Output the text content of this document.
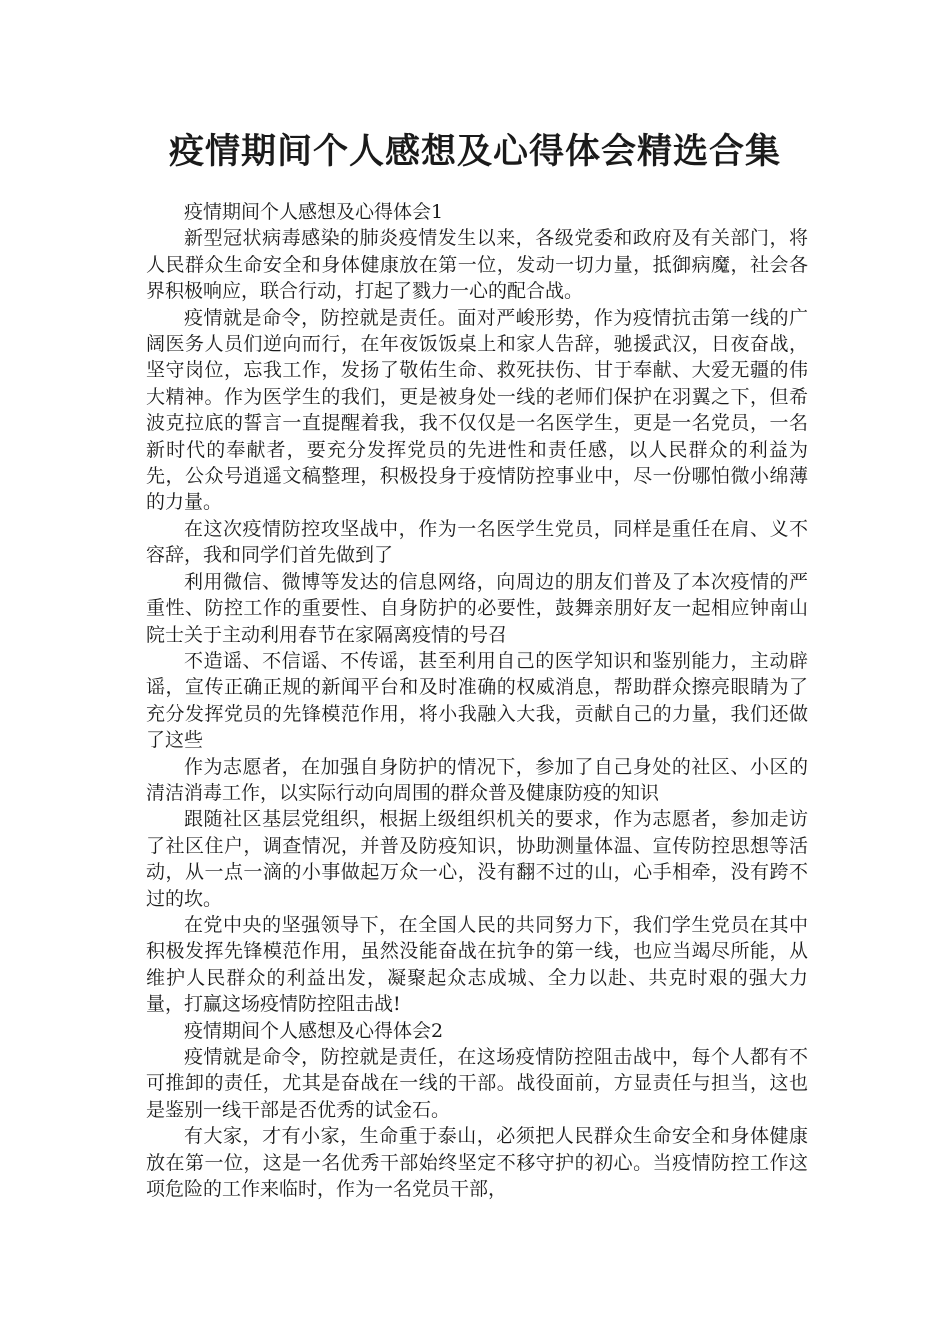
疫情期间个人感想及心得体会精选合集

疫情期间个人感想及心得体会1

新型冠状病毒感染的肺炎疫情发生以来，各级党委和政府及有关部门，将人民群众生命安全和身体健康放在第一位，发动一切力量，抵御病魔，社会各界积极响应，联合行动，打起了戮力一心的配合战。

疫情就是命令，防控就是责任。面对严峻形势，作为疫情抗击第一线的广阔医务人员们逆向而行，在年夜饭饭桌上和家人告辞，驰援武汉，日夜奋战，坚守岗位，忘我工作，发扬了敬佑生命、救死扶伤、甘于奉献、大爱无疆的伟大精神。作为医学生的我们，更是被身处一线的老师们保护在羽翼之下，但希波克拉底的誓言一直提醒着我，我不仅仅是一名医学生，更是一名党员，一名新时代的奉献者，要充分发挥党员的先进性和责任感，以人民群众的利益为先，公众号逍遥文稿整理，积极投身于疫情防控事业中，尽一份哪怕微小绵薄的力量。

在这次疫情防控攻坚战中，作为一名医学生党员，同样是重任在肩、义不容辞，我和同学们首先做到了

利用微信、微博等发达的信息网络，向周边的朋友们普及了本次疫情的严重性、防控工作的重要性、自身防护的必要性，鼓舞亲朋好友一起相应钟南山院士关于主动利用春节在家隔离疫情的号召

不造谣、不信谣、不传谣，甚至利用自己的医学知识和鉴别能力，主动辟谣，宣传正确正规的新闻平台和及时准确的权威消息，帮助群众擦亮眼睛为了充分发挥党员的先锋模范作用，将小我融入大我，贡献自己的力量，我们还做了这些

作为志愿者，在加强自身防护的情况下，参加了自己身处的社区、小区的清洁消毒工作，以实际行动向周围的群众普及健康防疫的知识

跟随社区基层党组织，根据上级组织机关的要求，作为志愿者，参加走访了社区住户，调查情况，并普及防疫知识，协助测量体温、宣传防控思想等活动，从一点一滴的小事做起万众一心，没有翻不过的山，心手相牵，没有跨不过的坎。

在党中央的坚强领导下，在全国人民的共同努力下，我们学生党员在其中积极发挥先锋模范作用，虽然没能奋战在抗争的第一线，也应当竭尽所能，从维护人民群众的利益出发，凝聚起众志成城、全力以赴、共克时艰的强大力量，打赢这场疫情防控阻击战!

疫情期间个人感想及心得体会2

疫情就是命令，防控就是责任，在这场疫情防控阻击战中，每个人都有不可推卸的责任，尤其是奋战在一线的干部。战役面前，方显责任与担当，这也是鉴别一线干部是否优秀的试金石。

有大家，才有小家，生命重于泰山，必须把人民群众生命安全和身体健康放在第一位，这是一名优秀干部始终坚定不移守护的初心。当疫情防控工作这项危险的工作来临时，作为一名党员干部，
